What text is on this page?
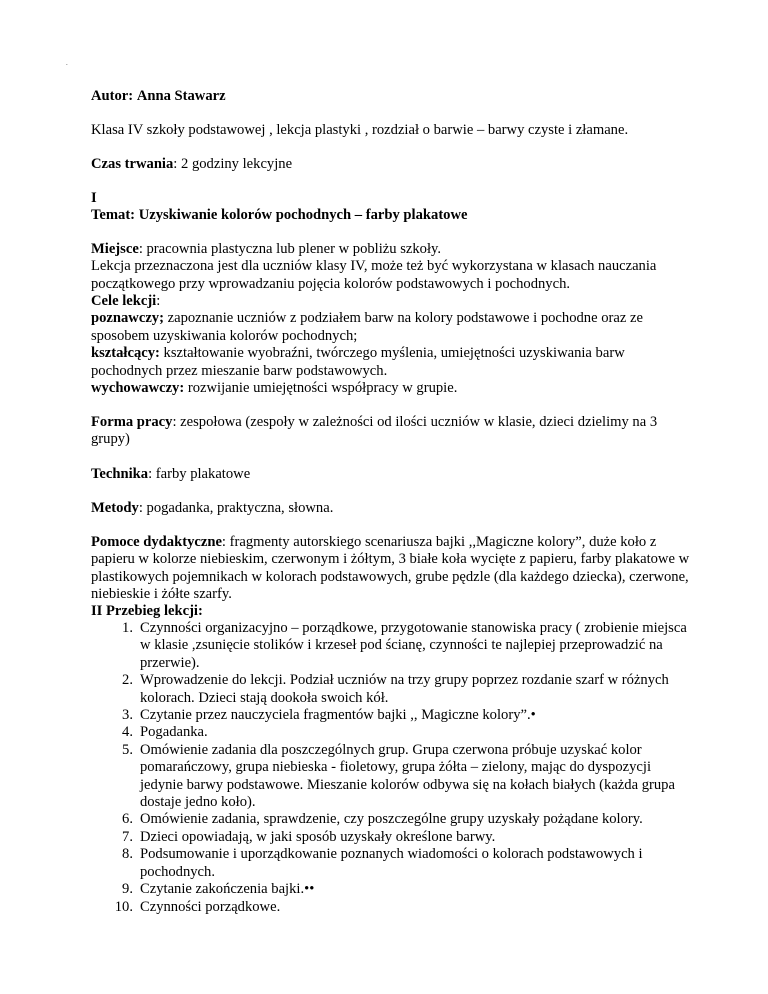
.

Autor: Anna Stawarz

Klasa IV szkoły podstawowej , lekcja plastyki , rozdział o barwie – barwy czyste i złamane.

Czas trwania: 2 godziny lekcyjne

I

Temat: Uzyskiwanie kolorów pochodnych – farby plakatowe

Miejsce: pracownia plastyczna lub plener w pobliżu szkoły.

Lekcja przeznaczona jest dla uczniów klasy IV, może też być wykorzystana w klasach nauczania początkowego przy wprowadzaniu pojęcia kolorów podstawowych i pochodnych.

Cele lekcji:

poznawczy; zapoznanie uczniów z podziałem barw na kolory podstawowe i pochodne oraz ze sposobem uzyskiwania kolorów pochodnych;

kształcący: kształtowanie wyobraźni, twórczego myślenia, umiejętności uzyskiwania barw pochodnych przez mieszanie barw podstawowych.

wychowawczy: rozwijanie umiejętności współpracy w grupie.

Forma pracy: zespołowa (zespoły w zależności od ilości uczniów w klasie, dzieci dzielimy na 3 grupy)

Technika: farby plakatowe

Metody: pogadanka, praktyczna, słowna.

Pomoce dydaktyczne: fragmenty autorskiego scenariusza bajki ,,Magiczne kolory”, duże koło z papieru w kolorze niebieskim, czerwonym i żółtym, 3 białe koła wycięte z papieru, farby plakatowe w plastikowych pojemnikach w kolorach podstawowych, grube pędzle (dla każdego dziecka), czerwone, niebieskie i żółte szarfy.

II Przebieg lekcji:

1. Czynności organizacyjno – porządkowe, przygotowanie stanowiska pracy ( zrobienie miejsca w klasie ,zsunięcie stolików i krzeseł pod ścianę, czynności te najlepiej przeprowadzić na przerwie).
2. Wprowadzenie do lekcji. Podział uczniów na trzy grupy poprzez rozdanie szarf w różnych kolorach. Dzieci stają dookoła swoich kół.
3. Czytanie przez nauczyciela fragmentów bajki ,, Magiczne kolory”.•
4. Pogadanka.
5. Omówienie zadania dla poszczególnych grup. Grupa czerwona próbuje uzyskać kolor pomarańczowy, grupa niebieska - fioletowy, grupa żółta – zielony, mając do dyspozycji jedynie barwy podstawowe. Mieszanie kolorów odbywa się na kołach białych (każda grupa dostaje jedno koło).
6. Omówienie zadania, sprawdzenie, czy poszczególne grupy uzyskały pożądane kolory.
7. Dzieci opowiadają, w jaki sposób uzyskały określone barwy.
8. Podsumowanie i uporządkowanie poznanych wiadomości o kolorach podstawowych i pochodnych.
9. Czytanie zakończenia bajki.••
10. Czynności porządkowe.
